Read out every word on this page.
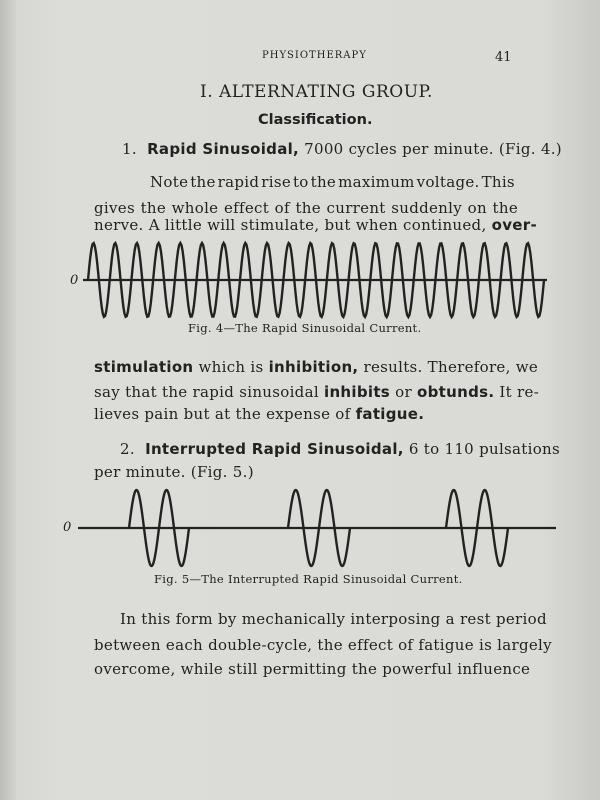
PHYSIOTHERAPY	41
I. ALTERNATING GROUP.
Classification.
1. Rapid Sinusoidal, 7000 cycles per minute. (Fig. 4.)
Note the rapid rise to the maximum voltage. This
gives the whole effect of the current suddenly on the
nerve. A little will stimulate, but when continued, over-
0
0
Fig. 4—The Rapid Sinusoidal Current.
stimulation which is inhibition, results. Therefore, we
say that the rapid sinusoidal inhibits or obtunds. It re-
lieves pain but at the expense of fatigue.
2. Interrupted Rapid Sinusoidal, 6 to 110 pulsations
per minute. (Fig. 5.)
Fig. 5—The Interrupted Rapid Sinusoidal Current.
In this form by mechanically interposing a rest period
between each double-cycle, the effect of fatigue is largely
overcome, while still permitting the powerful influence
